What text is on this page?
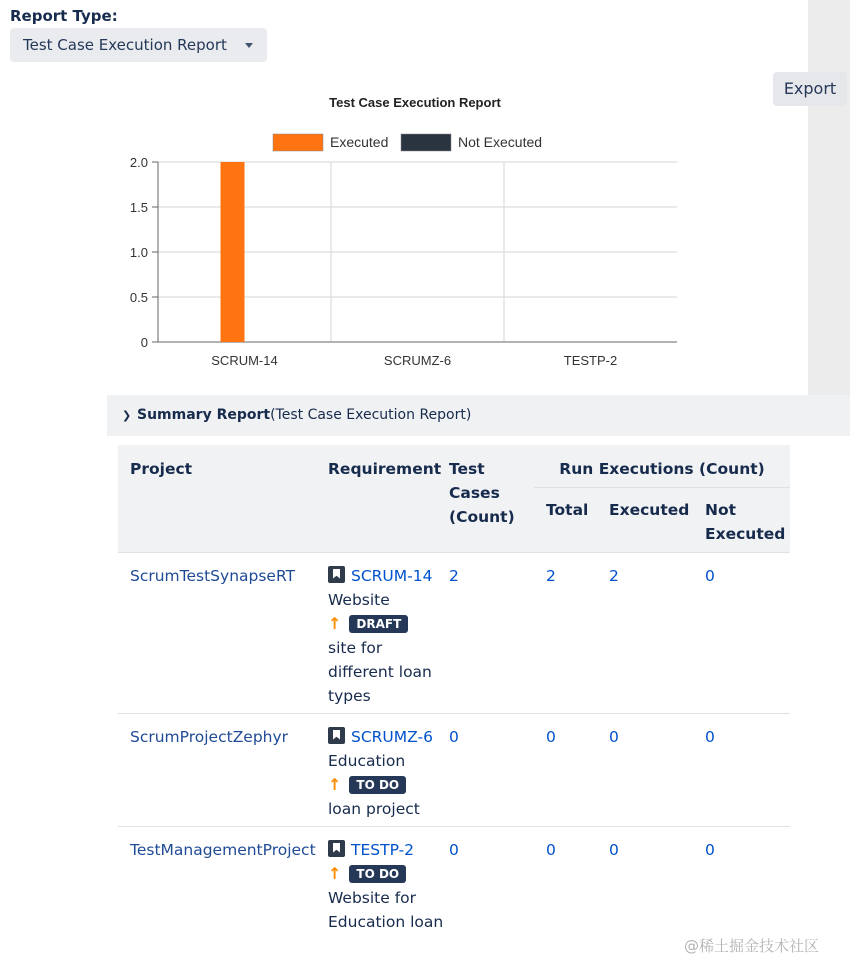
Report Type:
Test Case Execution Report
Export
Test Case Execution Report
Executed	Not Executed
2.0
1.5
1.0
0.5
0
SCRUM-14	SCRUMZ-6	TESTP-2
❯ Summary Report(Test Case Execution Report)
Project	Requirement	Test Cases (Count)	Run Executions (Count)		

			Total	Executed	Not Executed

ScrumTestSynapseRT	SCRUM-14 Website
↑ DRAFT
site for different loan types	2	2	2	0
ScrumProjectZephyr	SCRUMZ-6 Education
↑ TO DO
loan project	0	0	0	0
TestManagementProject	TESTP-2
↑ TO DO
Website for Education loan	0	0	0	0
@稀土掘金技术社区
